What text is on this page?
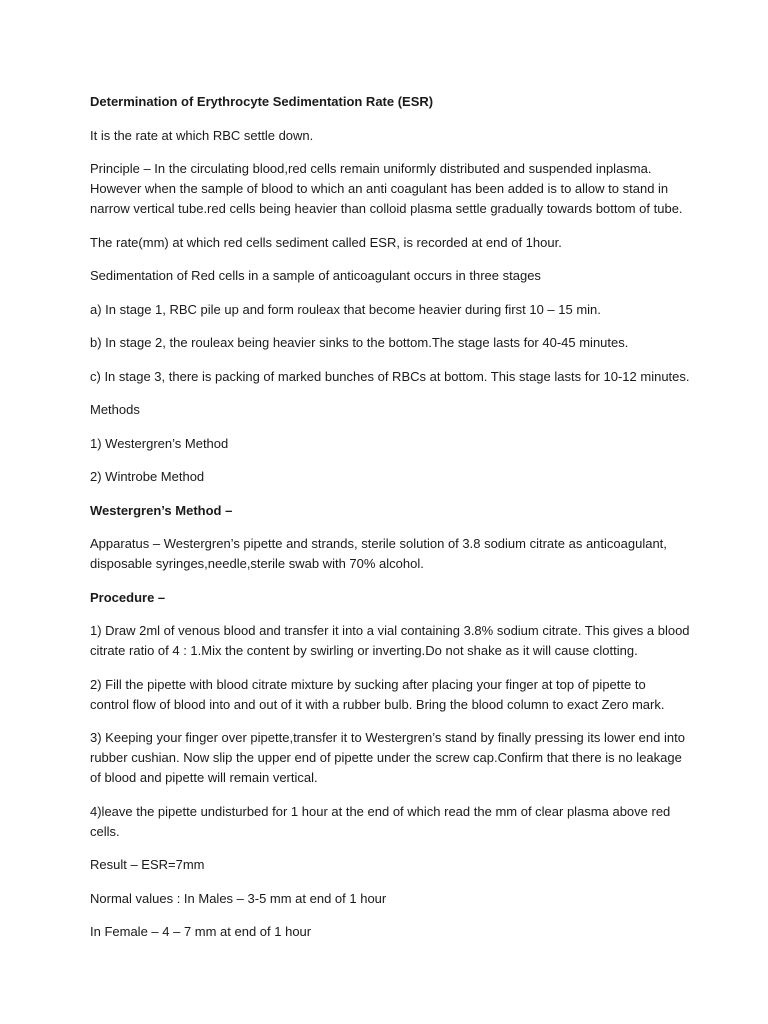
Determination of Erythrocyte Sedimentation Rate (ESR)

It is the rate at which RBC settle down.

Principle – In the circulating blood,red cells remain uniformly distributed and suspended inplasma.
However when the sample of blood to which an anti coagulant has been added is to allow to stand in
narrow vertical tube.red cells being heavier than colloid plasma settle gradually towards bottom of tube.

The rate(mm) at which red cells sediment called ESR, is recorded at end of 1hour.

Sedimentation of Red cells in a sample of anticoagulant occurs in three stages

a) In stage 1, RBC pile up and form rouleax that become heavier during first 10 – 15 min.

b) In stage 2, the rouleax being heavier sinks to the bottom.The stage lasts for 40-45 minutes.

c) In stage 3, there is packing of marked bunches of RBCs at bottom. This stage lasts for 10-12 minutes.

Methods

1) Westergren’s Method

2) Wintrobe Method

Westergren’s Method –

Apparatus – Westergren’s pipette and strands, sterile solution of 3.8 sodium citrate as anticoagulant,
disposable syringes,needle,sterile swab with 70% alcohol.

Procedure –

1) Draw 2ml of venous blood and transfer it into a vial containing 3.8% sodium citrate. This gives a blood
citrate ratio of 4 : 1.Mix the content by swirling or inverting.Do not shake as it will cause clotting.

2) Fill the pipette with blood citrate mixture by sucking after placing your finger at top of pipette to
control flow of blood into and out of it with a rubber bulb. Bring the blood column to exact Zero mark.

3) Keeping your finger over pipette,transfer it to Westergren’s stand by finally pressing its lower end into
rubber cushian. Now slip the upper end of pipette under the screw cap.Confirm that there is no leakage
of blood and pipette will remain vertical.

4)leave the pipette undisturbed for 1 hour at the end of which read the mm of clear plasma above red
cells.

Result – ESR=7mm

Normal values : In Males – 3-5 mm at end of 1 hour

In Female – 4 – 7 mm at end of 1 hour
